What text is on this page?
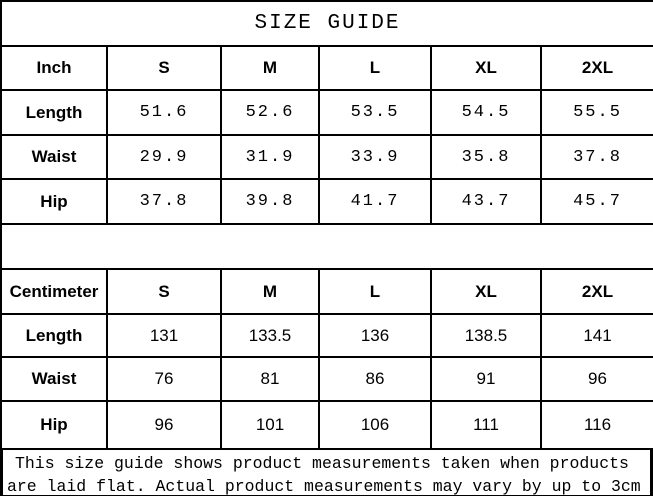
SIZE GUIDE					
Inch	S	M	L	XL	2XL
Length	51.6	52.6	53.5	54.5	55.5
Waist	29.9	31.9	33.9	35.8	37.8
Hip	37.8	39.8	41.7	43.7	45.7

Centimeter	S	M	L	XL	2XL
Length	131	133.5	136	138.5	141
Waist	76	81	86	91	96
Hip	96	101	106	111	116

This size guide shows product measurements taken when products

are laid flat. Actual product measurements may vary by up to 3cm
